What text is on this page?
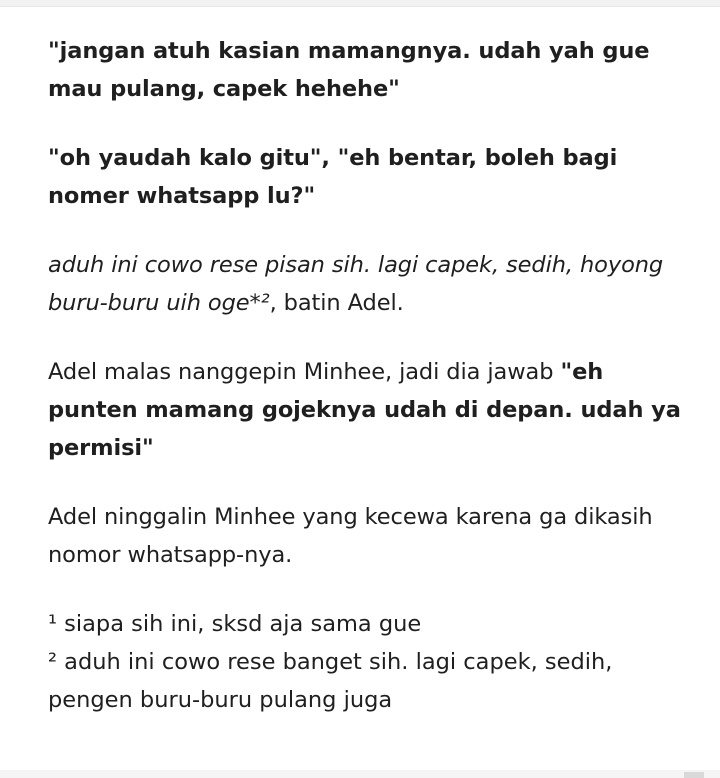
"jangan atuh kasian mamangnya. udah yah gue mau pulang, capek hehehe"

"oh yaudah kalo gitu", "eh bentar, boleh bagi nomer whatsapp lu?"

aduh ini cowo rese pisan sih. lagi capek, sedih, hoyong buru-buru uih oge*², batin Adel.

Adel malas nanggepin Minhee, jadi dia jawab "eh punten mamang gojeknya udah di depan. udah ya permisi"

Adel ninggalin Minhee yang kecewa karena ga dikasih nomor whatsapp-nya.

¹ siapa sih ini, sksd aja sama gue

² aduh ini cowo rese banget sih. lagi capek, sedih, pengen buru-buru pulang juga
